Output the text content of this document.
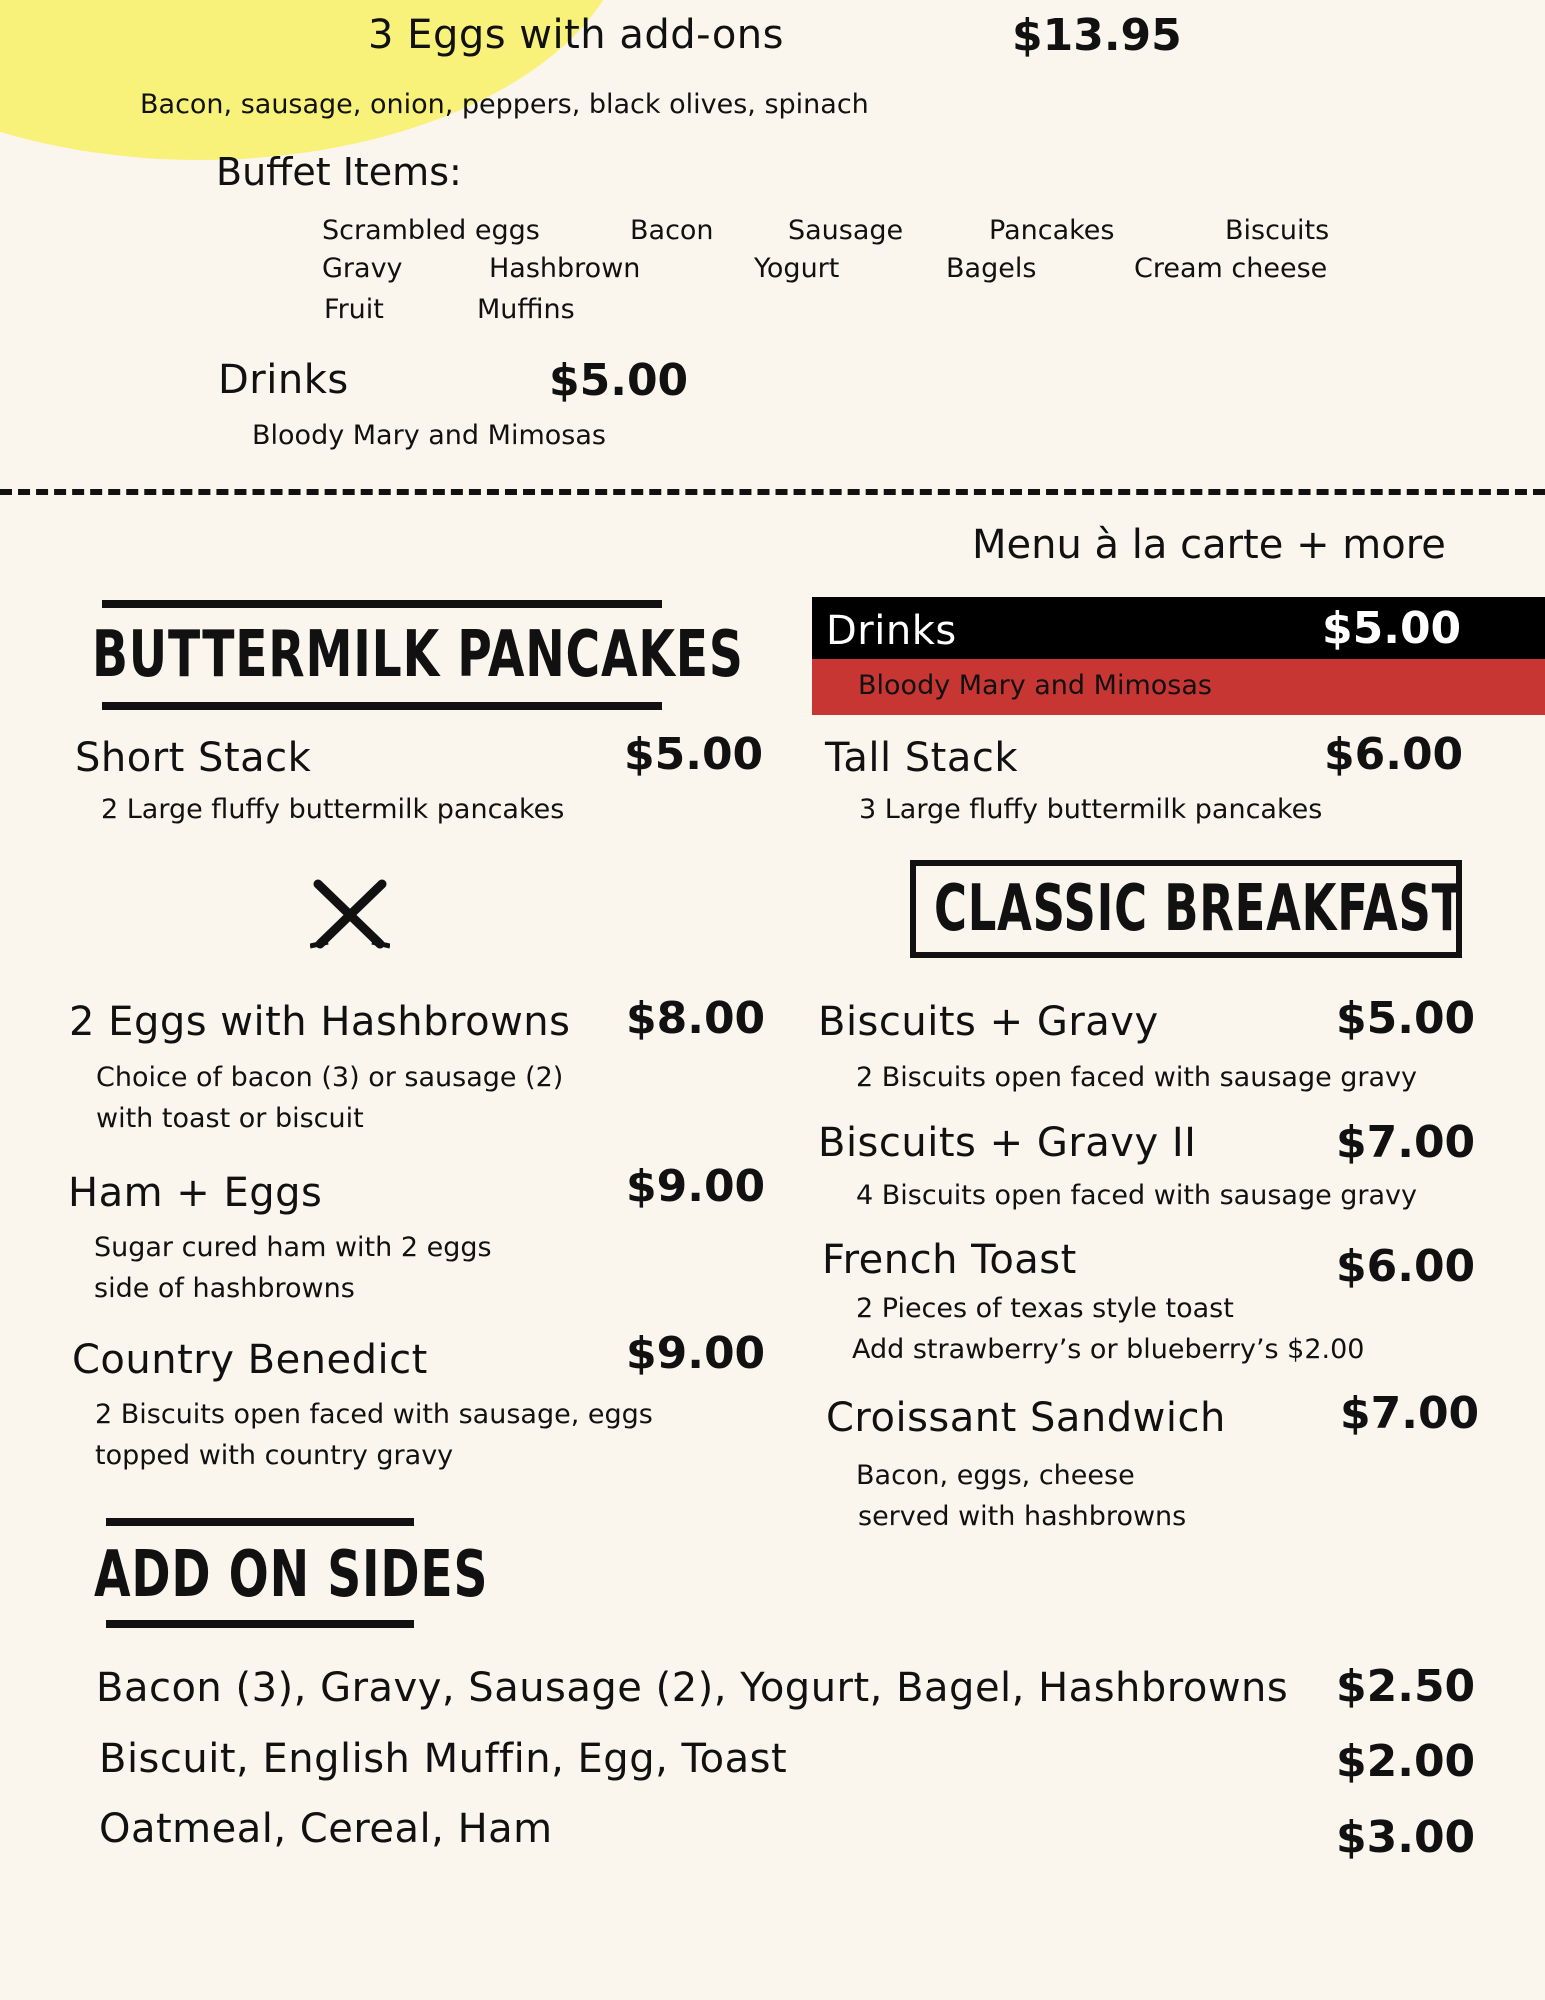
3 Eggs with add-ons	$13.95
Bacon, sausage, onion, peppers, black olives, spinach
Buffet Items:
Scrambled eggs	Bacon	Sausage	Pancakes	Biscuits
Gravy	Hashbrown	Yogurt	Bagels	Cream cheese
Fruit	Muffins
Drinks	$5.00
Bloody Mary and Mimosas
Menu à la carte + more
BUTTERMILK PANCAKES Drinks	$5.00
Bloody Mary and Mimosas
Short Stack	$5.00
2 Large fluffy buttermilk pancakes
Tall Stack	$6.00
3 Large fluffy buttermilk pancakes
CLASSIC BREAKFAST
2 Eggs with Hashbrowns $8.00
Choice of bacon (3) or sausage (2)
with toast or biscuit
Ham + Eggs	$9.00
Sugar cured ham with 2 eggs
side of hashbrowns
Country Benedict	$9.00
2 Biscuits open faced with sausage, eggs
topped with country gravy
Biscuits + Gravy	$5.00
2 Biscuits open faced with sausage gravy
Biscuits + Gravy II	$7.00
4 Biscuits open faced with sausage gravy
French Toast	$6.00
2 Pieces of texas style toast
Add strawberry’s or blueberry’s $2.00
Croissant Sandwich	$7.00
Bacon, eggs, cheese
served with hashbrowns
ADD ON SIDES
Bacon (3), Gravy, Sausage (2), Yogurt, Bagel, Hashbrowns $2.50
Biscuit, English Muffin, Egg, Toast	$2.00
Oatmeal, Cereal, Ham	$3.00
